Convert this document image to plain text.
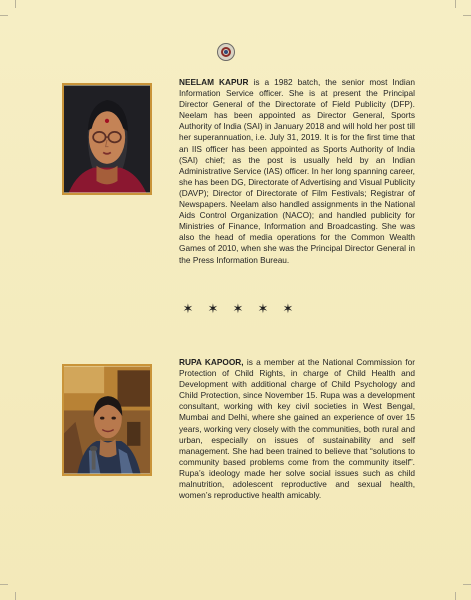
NEELAM KAPUR is a 1982 batch, the senior most Indian Information Service officer. She is at present the Principal Director General of the Directorate of Field Publicity (DFP). Neelam has been appointed as Director General, Sports Authority of India (SAI) in January 2018 and will hold her post till her superannuation, i.e. July 31, 2019. It is for the first time that an IIS officer has been appointed as Sports Authority of India (SAI) chief; as the post is usually held by an Indian Administrative Service (IAS) officer. In her long spanning career, she has been DG, Directorate of Advertising and Visual Publicity (DAVP); Director of Directorate of Film Festivals; Registrar of Newspapers. Neelam also handled assignments in the National Aids Control Organization (NACO); and handled publicity for Ministries of Finance, Information and Broadcasting. She was also the head of media operations for the Common Wealth Games of 2010, when she was the Principal Director General in the Press Information Bureau.

✶ ✶ ✶ ✶ ✶

RUPA KAPOOR, is a member at the National Commission for Protection of Child Rights, in charge of Child Health and Development with additional charge of Child Psychology and Child Protection, since November 15. Rupa was a development consultant, working with key civil societies in West Bengal, Mumbai and Delhi, where she gained an experience of over 15 years, working very closely with the communities, both rural and urban, especially on issues of sustainability and self management. She had been trained to believe that “solutions to community based problems come from the community itself”. Rupa’s ideology made her solve social issues such as child malnutrition, adolescent reproductive and sexual health, women’s reproductive health amicably.
